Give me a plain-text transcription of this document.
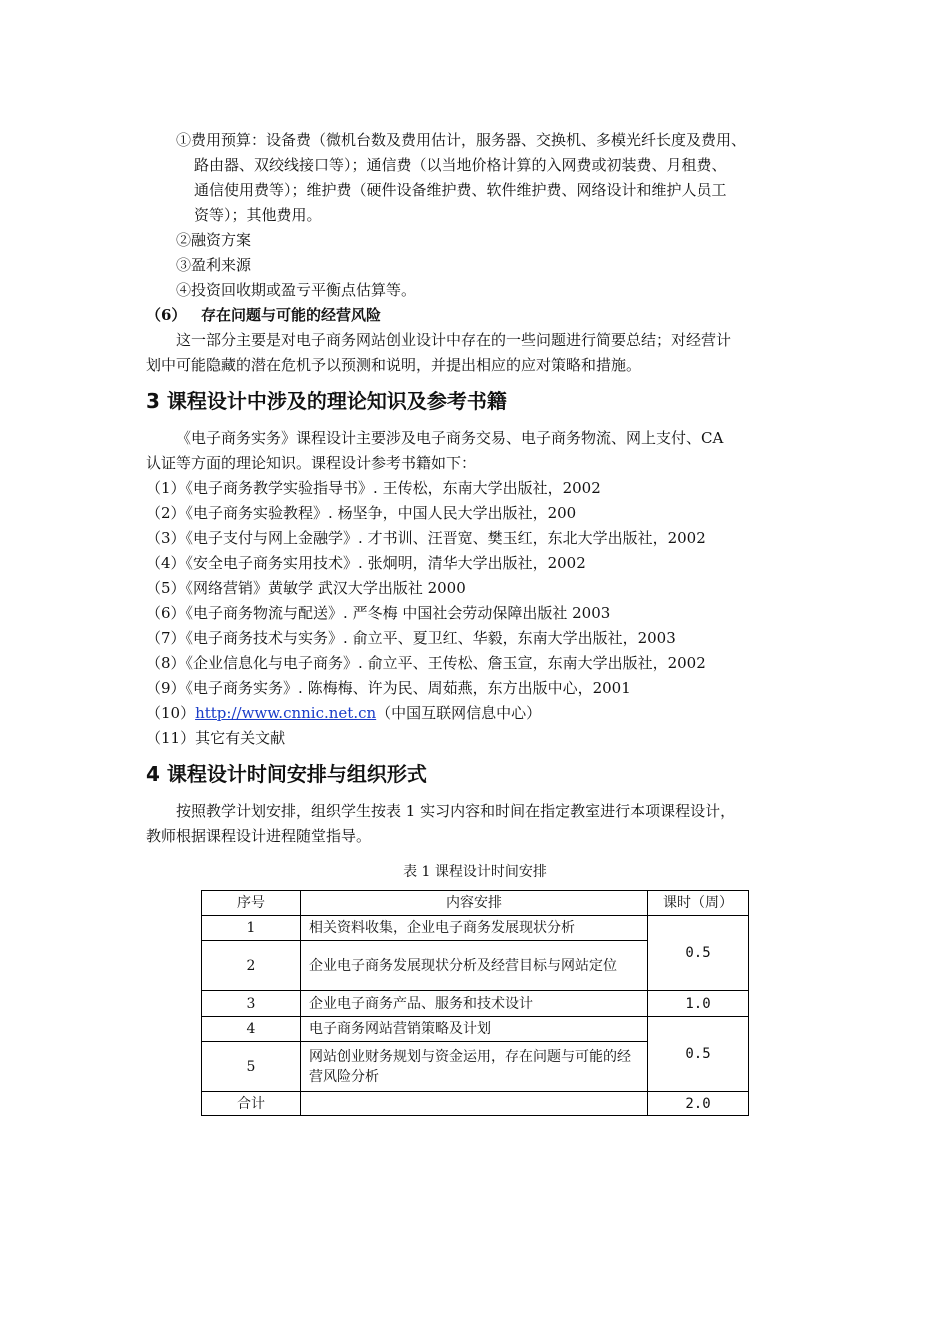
①费用预算：设备费（微机台数及费用估计，服务器、交换机、多模光纤长度及费用、
路由器、双绞线接口等）；通信费（以当地价格计算的入网费或初装费、月租费、
通信使用费等）；维护费（硬件设备维护费、软件维护费、网络设计和维护人员工
资等）；其他费用。
②融资方案
③盈利来源
④投资回收期或盈亏平衡点估算等。
（6） 存在问题与可能的经营风险
这一部分主要是对电子商务网站创业设计中存在的一些问题进行简要总结；对经营计
划中可能隐藏的潜在危机予以预测和说明，并提出相应的应对策略和措施。
3 课程设计中涉及的理论知识及参考书籍
《电子商务实务》课程设计主要涉及电子商务交易、电子商务物流、网上支付、CA
认证等方面的理论知识。课程设计参考书籍如下：
（1）《电子商务教学实验指导书》. 王传松，东南大学出版社，2002
（2）《电子商务实验教程》. 杨坚争，中国人民大学出版社，200
（3）《电子支付与网上金融学》. 才书训、汪晋宽、樊玉红，东北大学出版社，2002
（4）《安全电子商务实用技术》. 张炯明，清华大学出版社，2002
（5）《网络营销》黄敏学 武汉大学出版社 2000
（6）《电子商务物流与配送》. 严冬梅 中国社会劳动保障出版社 2003
（7）《电子商务技术与实务》. 俞立平、夏卫红、华毅，东南大学出版社，2003
（8）《企业信息化与电子商务》. 俞立平、王传松、詹玉宣，东南大学出版社，2002
（9）《电子商务实务》. 陈梅梅、许为民、周茹燕，东方出版中心，2001
（10）http://www.cnnic.net.cn（中国互联网信息中心）
（11）其它有关文献
4 课程设计时间安排与组织形式
按照教学计划安排，组织学生按表 1 实习内容和时间在指定教室进行本项课程设计，
教师根据课程设计进程随堂指导。
表 1 课程设计时间安排
序号	内容安排	课时（周）
1	相关资料收集，企业电子商务发展现状分析	0.5
2	企业电子商务发展现状分析及经营目标与网站定位	
3	企业电子商务产品、服务和技术设计	1.0
4	电子商务网站营销策略及计划	0.5
5	网站创业财务规划与资金运用，存在问题与可能的经营风险分析	
合计		2.0
